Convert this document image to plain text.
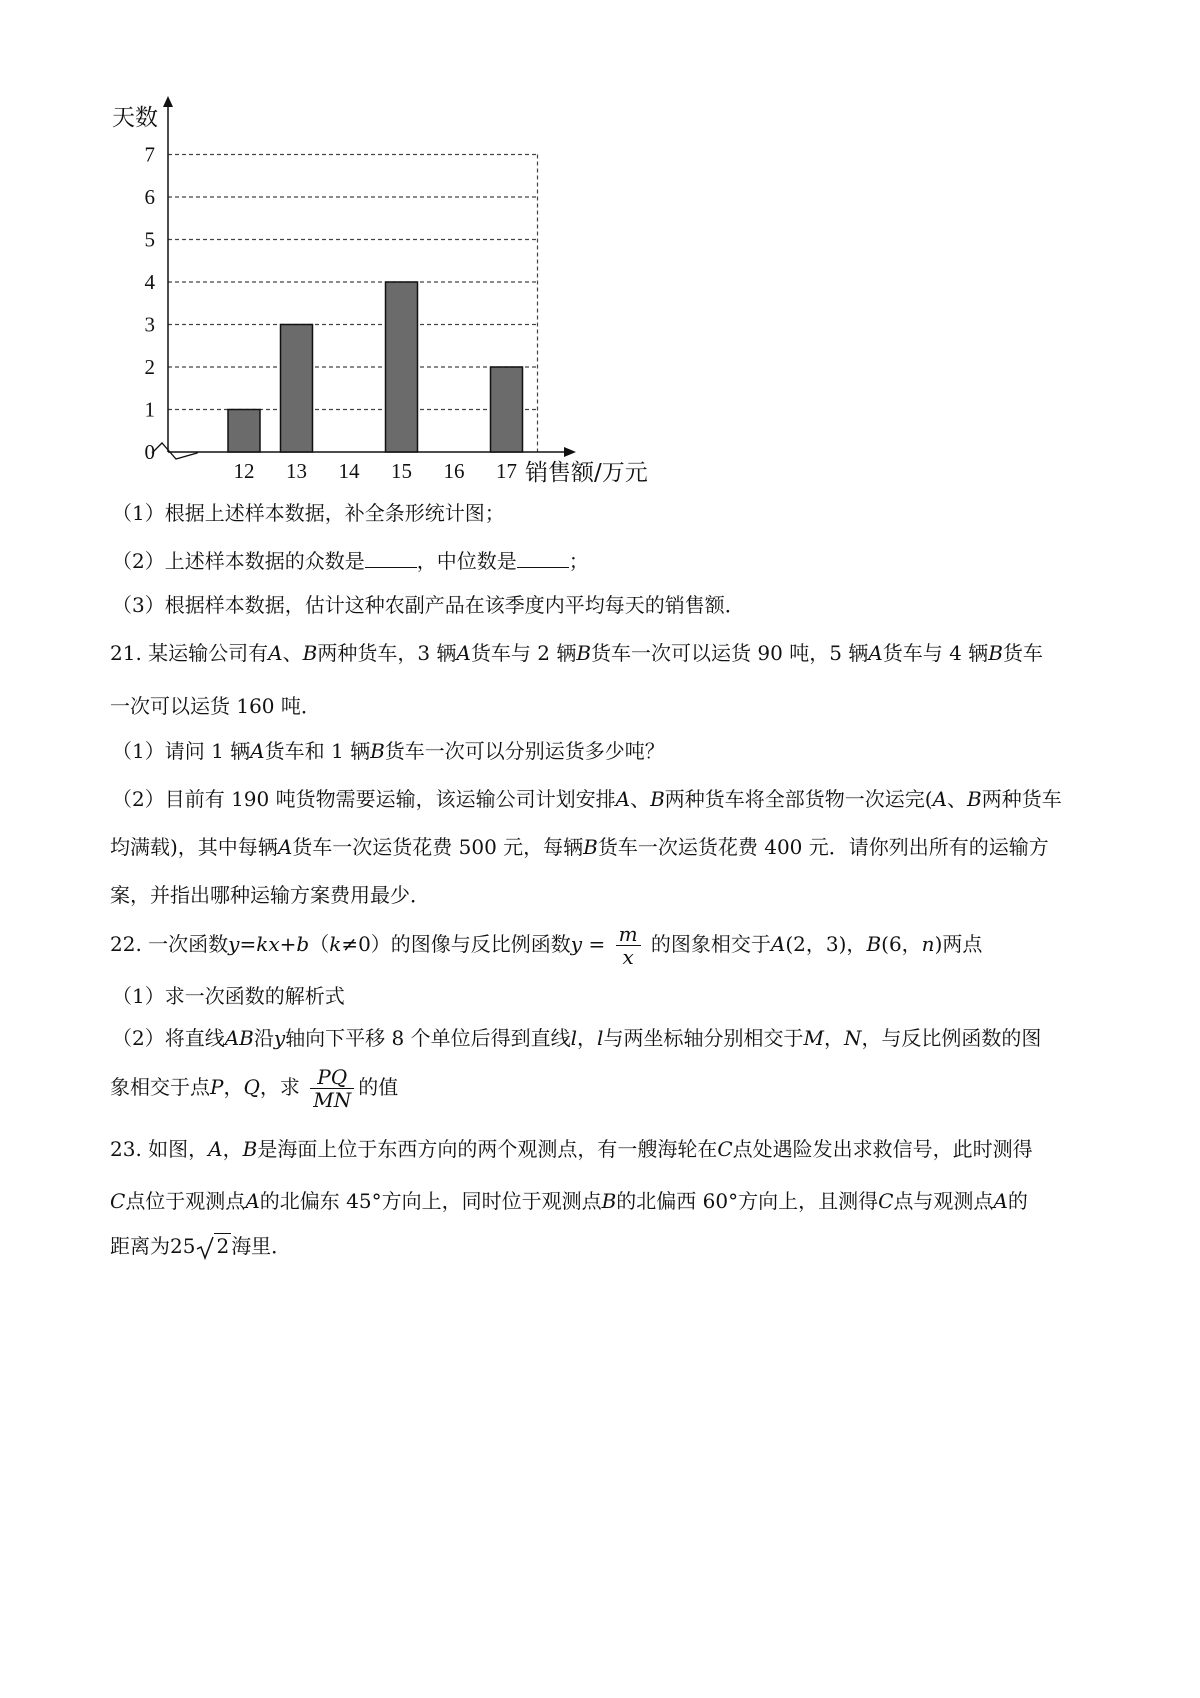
0
1
2
3
4
5
6
7
12 13 14 15 16 17
天数
销售额/万元
（1）根据上述样本数据，补全条形统计图；
（2）上述样本数据的众数是	，中位数是	；
（3）根据样本数据，估计这种农副产品在该季度内平均每天的销售额．
21. 某运输公司有A、B两种货车，3 辆A货车与 2 辆B货车一次可以运货 90 吨，5 辆A货车与 4 辆B货车
一次可以运货 160 吨．
（1）请问 1 辆A货车和 1 辆B货车一次可以分别运货多少吨？
（2）目前有 190 吨货物需要运输，该运输公司计划安排A、B两种货车将全部货物一次运完(A、B两种货车
均满载)，其中每辆A货车一次运货花费 500 元，每辆B货车一次运货花费 400 元．请你列出所有的运输方
案，并指出哪种运输方案费用最少．
22. 一次函数y=kx+b（k≠0）的图像与反比例函数$y = \frac{m}{x}$ 的图象相交于A(2，3)，B(6，n)两点
（1）求一次函数的解析式
（2）将直线AB沿y轴向下平移 8 个单位后得到直线l，l与两坐标轴分别相交于M，N，与反比例函数的图
象相交于点P，Q，求 $\frac{PQ}{MN}$ 的值
23. 如图，A，B是海面上位于东西方向的两个观测点，有一艘海轮在C点处遇险发出求救信号，此时测得
C点位于观测点A的北偏东 45°方向上，同时位于观测点B的北偏西 60°方向上，且测得C点与观测点A的
距离为25 2 海里．
